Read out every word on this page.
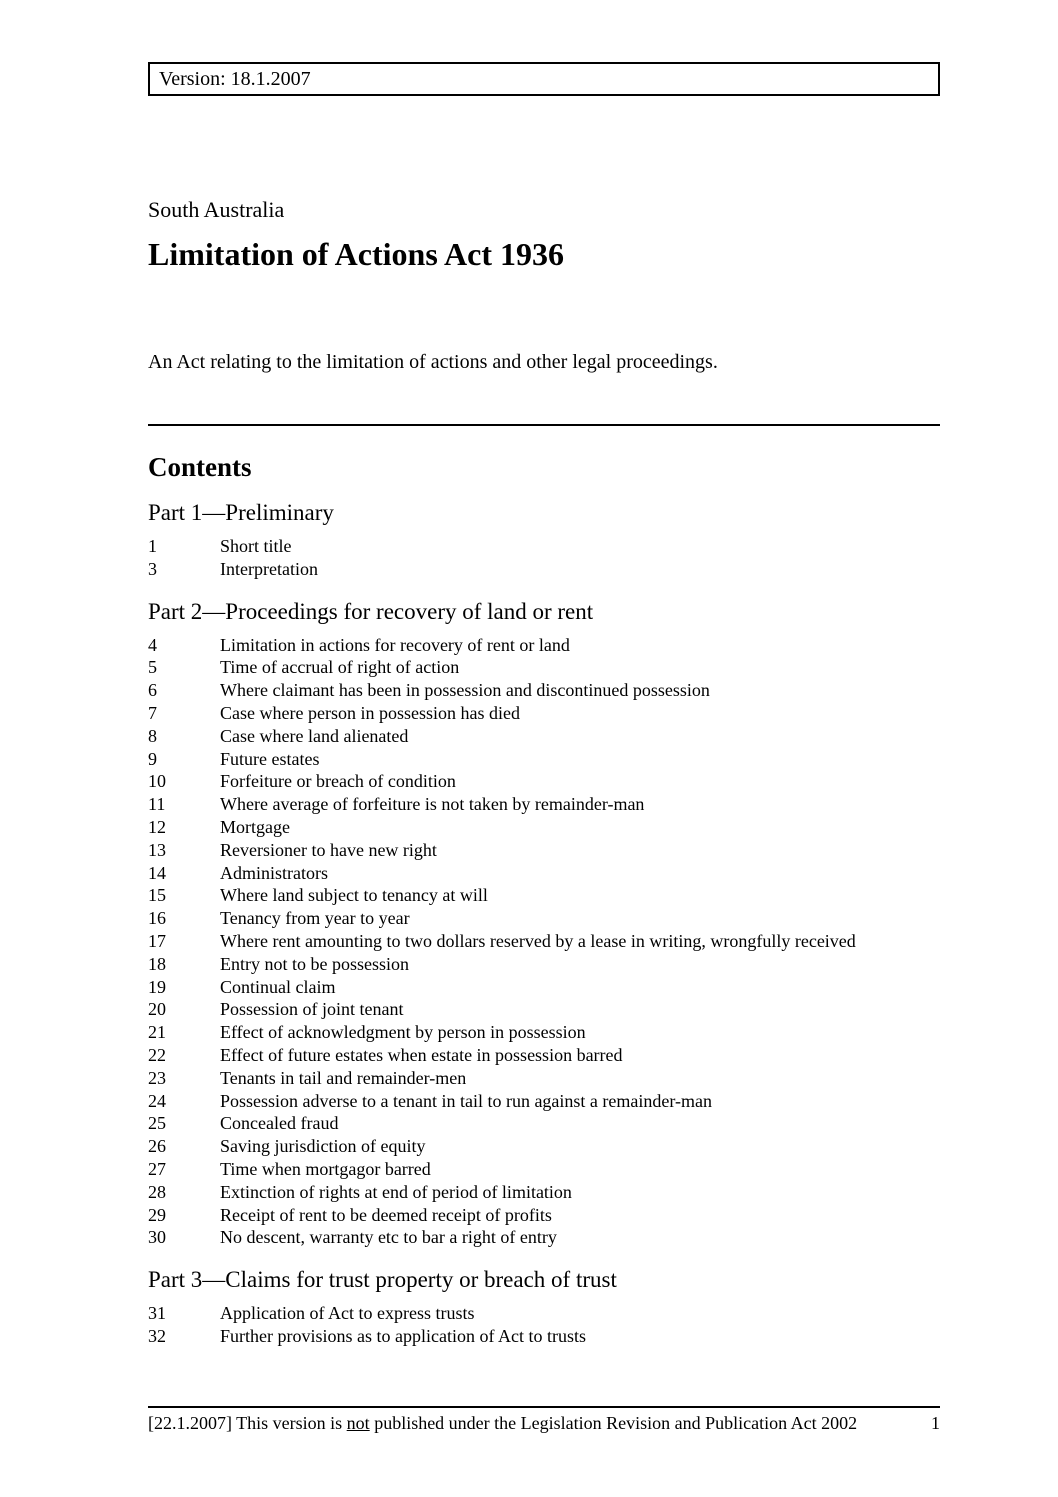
Version: 18.1.2007
South Australia
Limitation of Actions Act 1936
An Act relating to the limitation of actions and other legal proceedings.
Contents
Part 1—Preliminary
1	Short title
3	Interpretation
Part 2—Proceedings for recovery of land or rent
4	Limitation in actions for recovery of rent or land
5	Time of accrual of right of action
6	Where claimant has been in possession and discontinued possession
7	Case where person in possession has died
8	Case where land alienated
9	Future estates
10	Forfeiture or breach of condition
11	Where average of forfeiture is not taken by remainder-man
12	Mortgage
13	Reversioner to have new right
14	Administrators
15	Where land subject to tenancy at will
16	Tenancy from year to year
17	Where rent amounting to two dollars reserved by a lease in writing, wrongfully received
18	Entry not to be possession
19	Continual claim
20	Possession of joint tenant
21	Effect of acknowledgment by person in possession
22	Effect of future estates when estate in possession barred
23	Tenants in tail and remainder-men
24	Possession adverse to a tenant in tail to run against a remainder-man
25	Concealed fraud
26	Saving jurisdiction of equity
27	Time when mortgagor barred
28	Extinction of rights at end of period of limitation
29	Receipt of rent to be deemed receipt of profits
30	No descent, warranty etc to bar a right of entry
Part 3—Claims for trust property or breach of trust
31	Application of Act to express trusts
32	Further provisions as to application of Act to trusts
[22.1.2007] This version is not published under the Legislation Revision and Publication Act 2002	1
